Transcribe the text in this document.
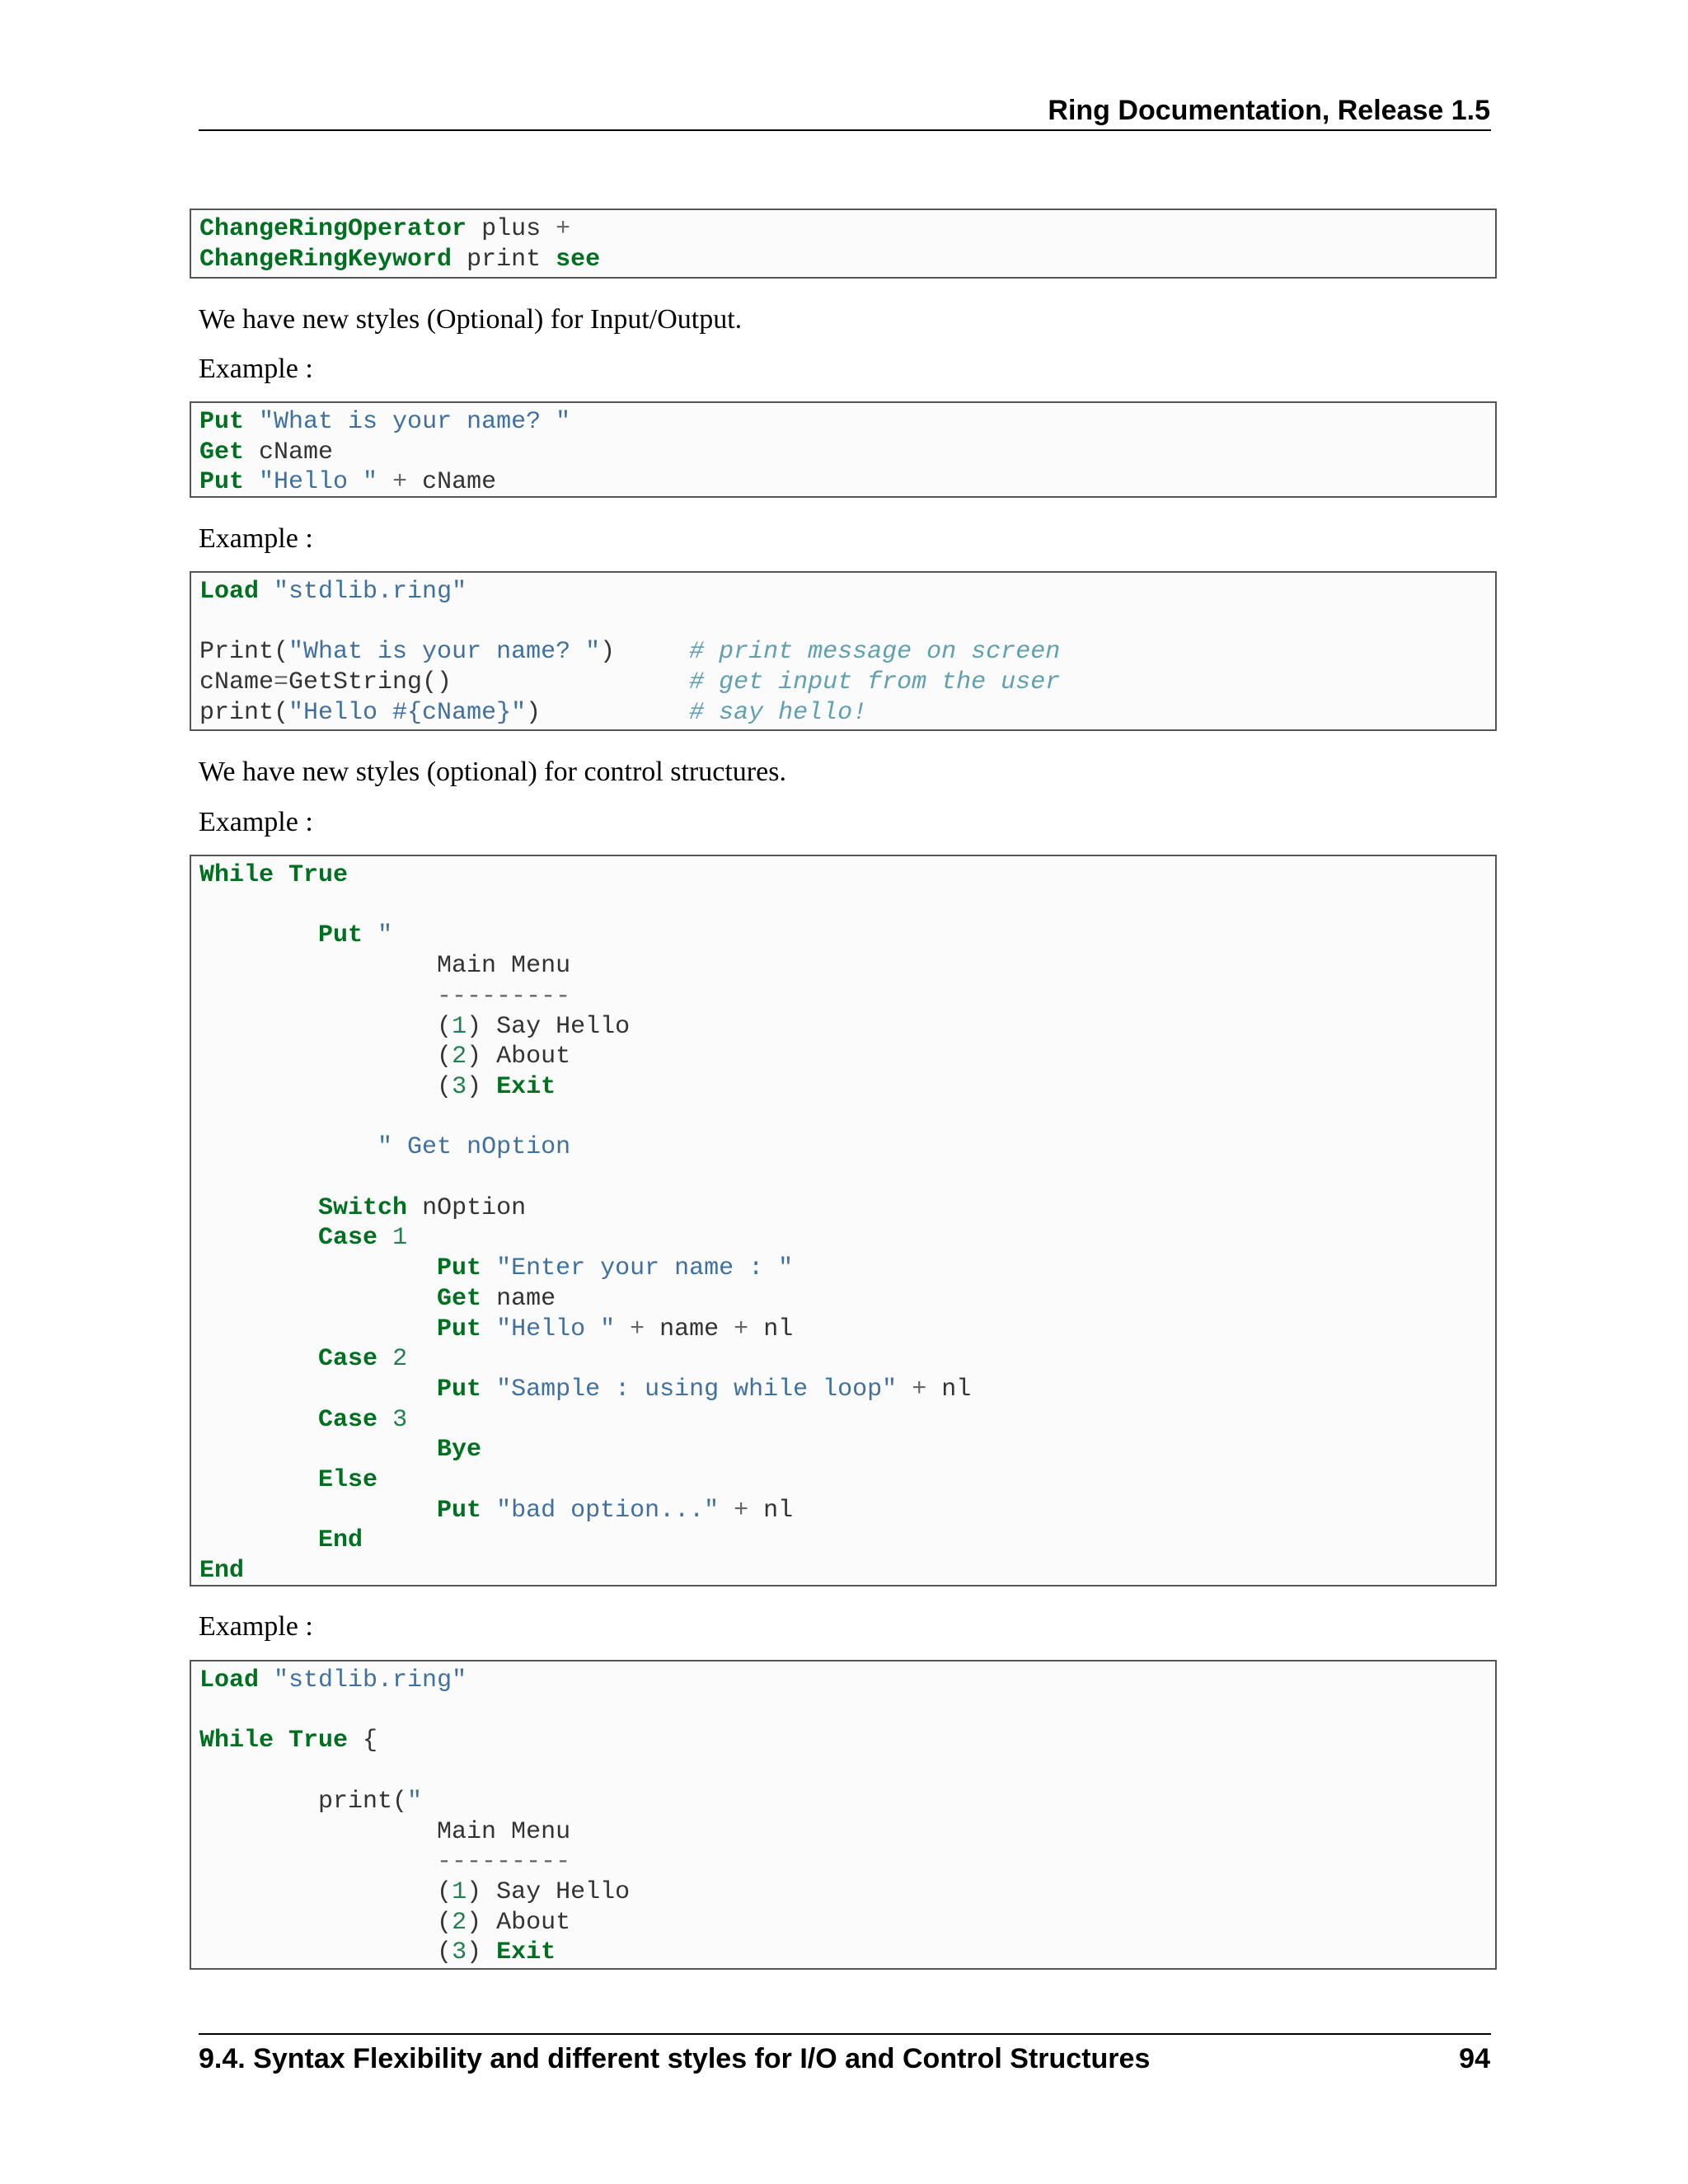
Ring Documentation, Release 1.5
ChangeRingOperator plus +
ChangeRingKeyword print see
We have new styles (Optional) for Input/Output.
Example :
Put "What is your name? "
Get cName
Put "Hello " + cName
Example :
Load "stdlib.ring"

Print("What is your name? ")     # print message on screen
cName=GetString()                # get input from the user
print("Hello #{cName}")          # say hello!
We have new styles (optional) for control structures.
Example :
While True

Put "
Main Menu
---------
(1) Say Hello
(2) About
(3) Exit

" Get nOption

Switch nOption
Case 1
Put "Enter your name : "
Get name
Put "Hello " + name + nl
Case 2
Put "Sample : using while loop" + nl
Case 3
Bye
Else
Put "bad option..." + nl
End
End
Example :
Load "stdlib.ring"

While True {

print("
Main Menu
---------
(1) Say Hello
(2) About
(3) Exit
9.4. Syntax Flexibility and different styles for I/O and Control Structures	94
